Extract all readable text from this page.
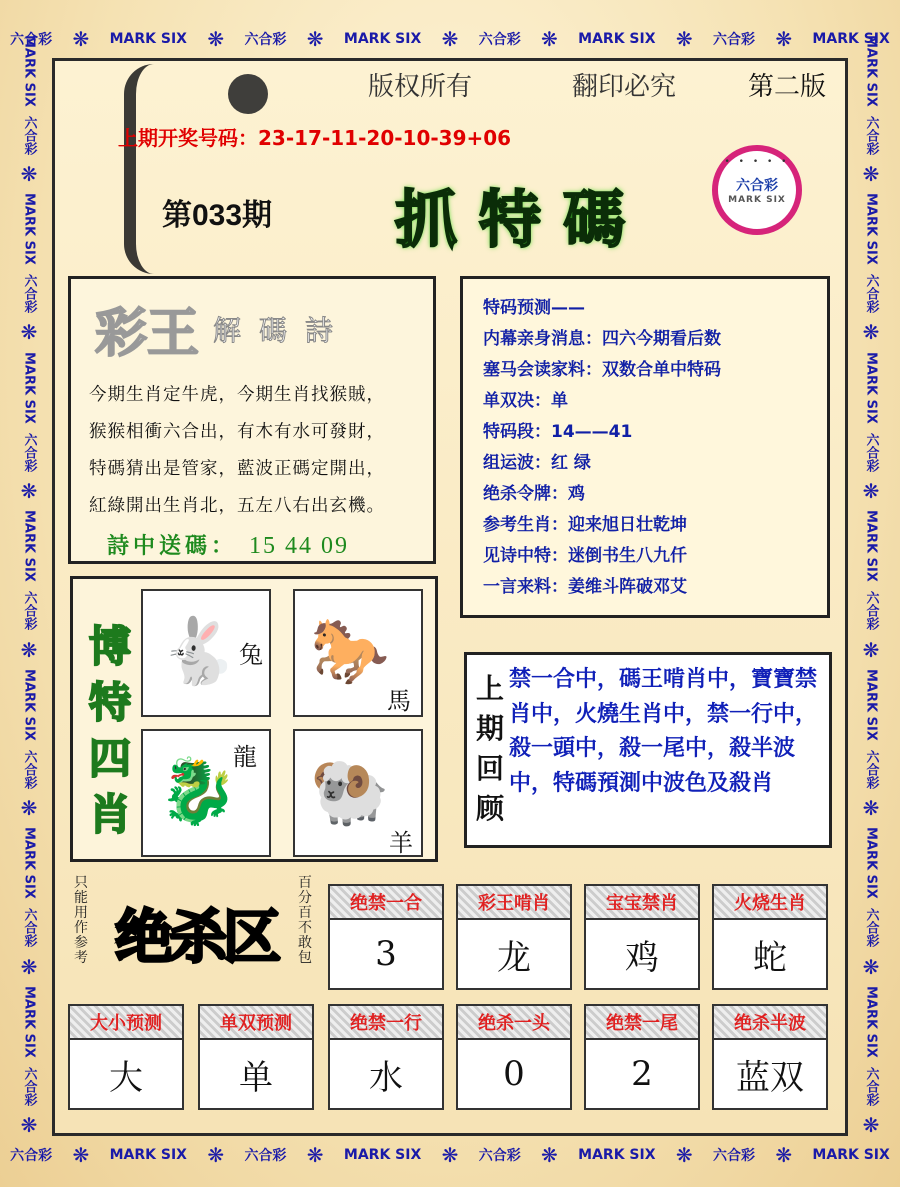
六合彩 ❋ MARK SIX ❋ 六合彩 ❋ MARK SIX ❋ 六合彩 ❋ MARK SIX ❋ 六合彩 ❋ MARK SIX
六合彩 ❋ MARK SIX ❋ 六合彩 ❋ MARK SIX ❋ 六合彩 ❋ MARK SIX ❋ 六合彩 ❋ MARK SIX
MARK SIX
六合彩
❋
MARK SIX
六合彩
❋
MARK SIX
六合彩
❋
MARK SIX
六合彩
❋
MARK SIX
六合彩
❋
MARK SIX
六合彩
❋
MARK SIX
六合彩
❋
MARK SIX
六合彩
❋
MARK SIX
六合彩
❋
MARK SIX
六合彩
❋
MARK SIX
六合彩
❋
MARK SIX
六合彩
❋
MARK SIX
六合彩
❋
MARK SIX
六合彩
❋
版权所有	翻印必究	第二版
上期开奖号码：23-17-11-20-10-39+06
第033期 抓特碼
• • • • •
六合彩
MARK SIX
彩王 解 碼 詩
今期生肖定牛虎，今期生肖找猴賊，
猴猴相衝六合出，有木有水可發財，
特碼猜出是管家，藍波正碼定開出，
紅綠開出生肖北，五左八右出玄機。
詩中送碼： 15 44 09
特码预测——
内幕亲身消息：四六今期看后数
塞马会读家料：双数合单中特码
单双决：单
特码段：14——41
组运波：红 绿
绝杀令牌：鸡
参考生肖：迎来旭日壮乾坤
见诗中特：迷倒书生八九仟
一言来料：姜维斗阵破邓艾
博
特
四
肖
🐇 兔 🐎
馬
🐉
龍 🐏
羊
上
期
回
顾
禁一合中，碼王啃肖中，寶寶禁肖中，火燒生肖中，禁一行中，殺一頭中，殺一尾中，殺半波中，特碼預測中波色及殺肖
只能用作参考 绝杀区
百分百不敢包
绝禁一合
3
彩王啃肖
龙
宝宝禁肖
鸡
火烧生肖
蛇
大小预测
大
单双预测
单
绝禁一行
水
绝杀一头
0
绝禁一尾
2
绝杀半波
蓝双
